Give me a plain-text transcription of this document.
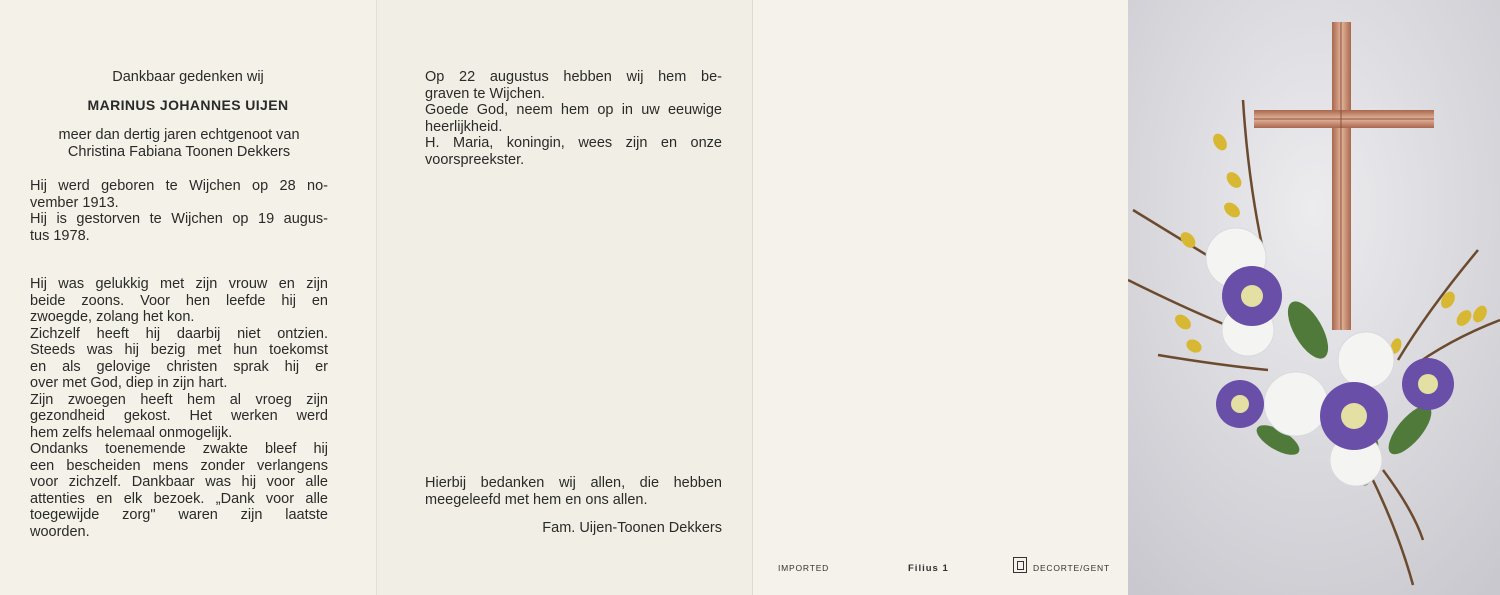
Dankbaar gedenken wij
MARINUS JOHANNES UIJEN
meer dan dertig jaren echtgenoot van
Christina Fabiana Toonen Dekkers
Hij werd geboren te Wijchen op 28 no-
vember 1913.
Hij is gestorven te Wijchen op 19 augus-
tus 1978.
Hij was gelukkig met zijn vrouw en zijn
beide zoons. Voor hen leefde hij en
zwoegde, zolang het kon.
Zichzelf heeft hij daarbij niet ontzien.
Steeds was hij bezig met hun toekomst
en als gelovige christen sprak hij er
over met God, diep in zijn hart.
Zijn zwoegen heeft hem al vroeg zijn
gezondheid gekost. Het werken werd
hem zelfs helemaal onmogelijk.
Ondanks toenemende zwakte bleef hij
een bescheiden mens zonder verlangens
voor zichzelf. Dankbaar was hij voor alle
attenties en elk bezoek. „Dank voor alle
toegewijde zorg" waren zijn laatste
woorden.
Op 22 augustus hebben wij hem be-
graven te Wijchen.
Goede God, neem hem op in uw eeuwige
heerlijkheid.
H. Maria, koningin, wees zijn en onze
voorspreekster.
Hierbij bedanken wij allen, die hebben
meegeleefd met hem en ons allen.
Fam. Uijen-Toonen Dekkers
IMPORTED	Filius 1	DECORTE/GENT
